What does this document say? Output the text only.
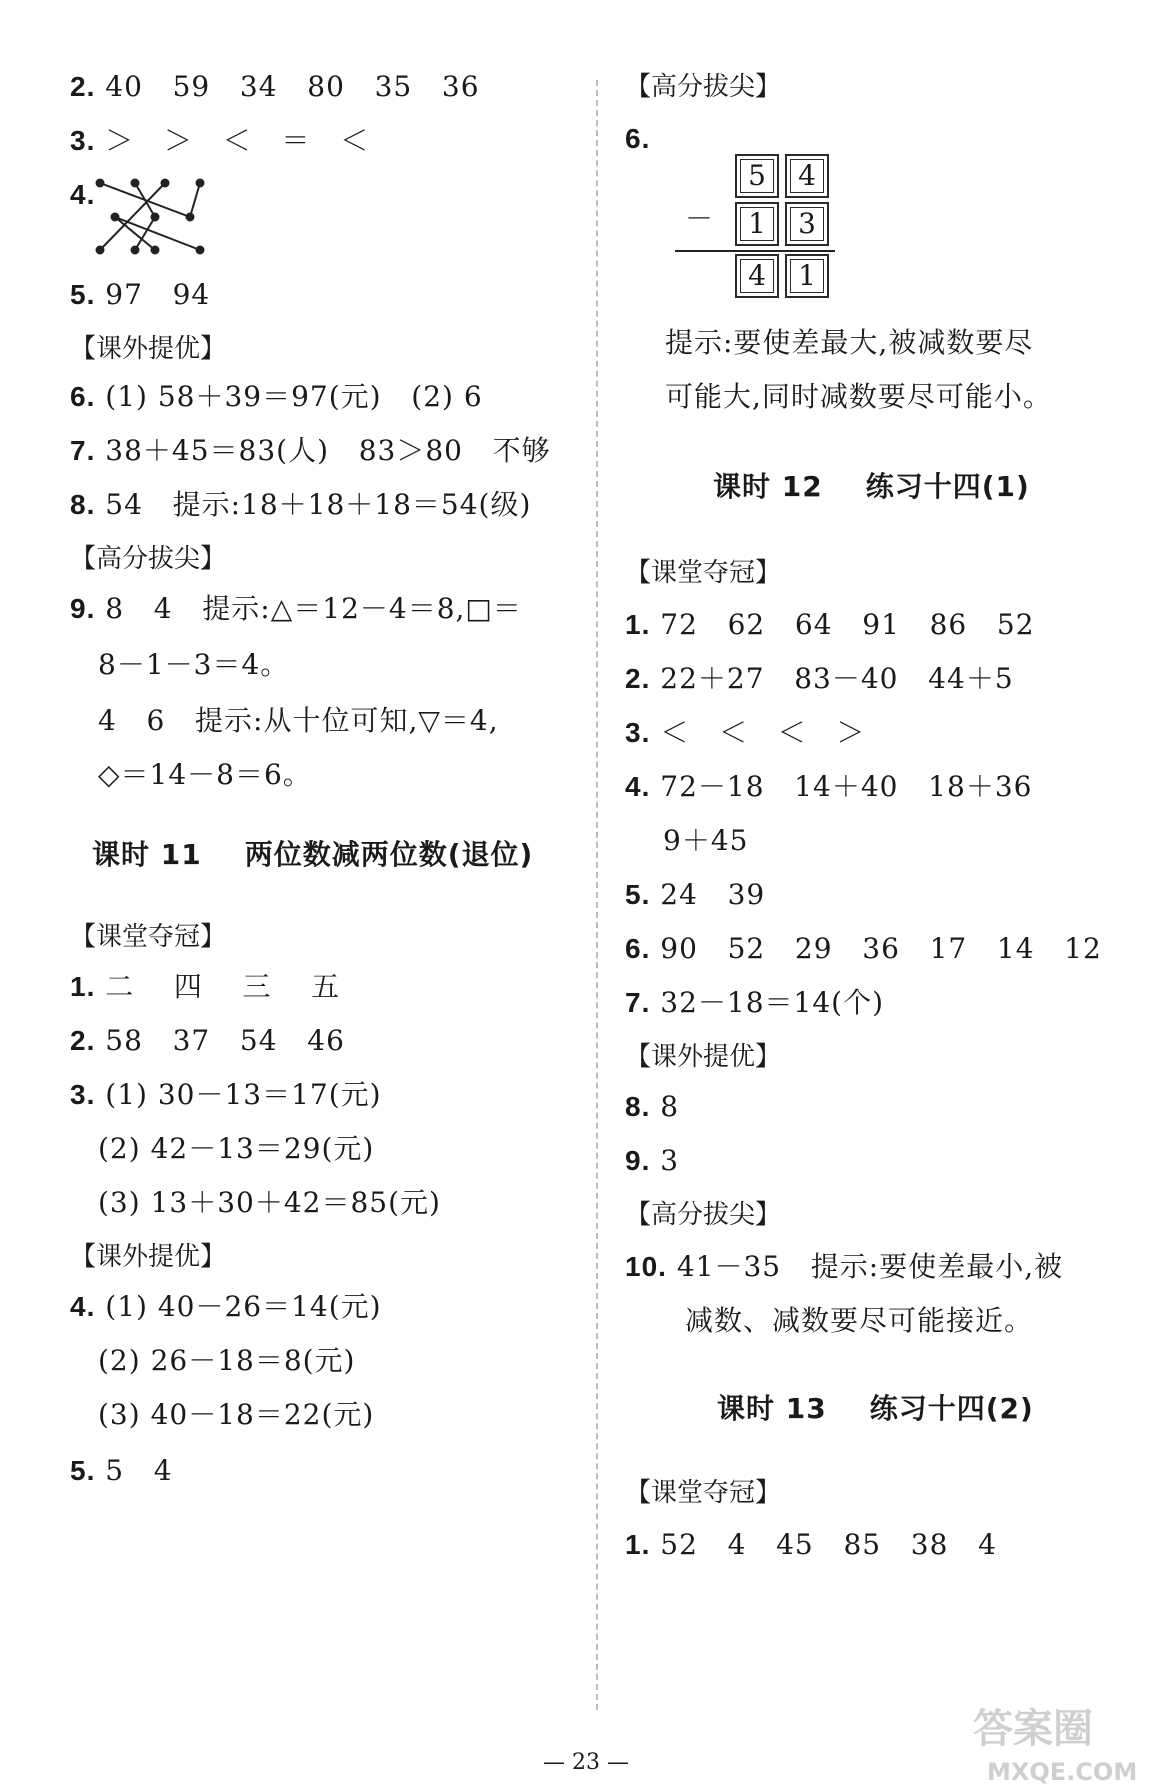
2. 40   59   34   80   35   36
3. ＞   ＞   ＜   ＝   ＜
4.
5. 97   94
【课外提优】
6. (1) 58＋39＝97(元)   (2) 6
7. 38＋45＝83(人)   83＞80   不够
8. 54   提示:18＋18＋18＝54(级)
【高分拔尖】
9. 8   4   提示:△＝12－4＝8,□＝
8－1－3＝4。
4   6   提示:从十位可知,▽＝4,
◇＝14－8＝6。
课时 11    两位数减两位数(退位)
【课堂夺冠】
1. 二    四    三    五
2. 58   37   54   46
3. (1) 30－13＝17(元)
(2) 42－13＝29(元)
(3) 13＋30＋42＝85(元)
【课外提优】
4. (1) 40－26＝14(元)
(2) 26－18＝8(元)
(3) 40－18＝22(元)
5. 5   4
【高分拔尖】
6.
5	4
－	1	3
4	1
提示:要使差最大,被减数要尽
可能大,同时减数要尽可能小。
课时 12    练习十四(1)
【课堂夺冠】
1. 72   62   64   91   86   52
2. 22＋27   83－40   44＋5
3. ＜   ＜   ＜   ＞
4. 72－18   14＋40   18＋36
9＋45
5. 24   39
6. 90   52   29   36   17   14   12
7. 32－18＝14(个)
【课外提优】
8. 8
9. 3
【高分拔尖】
10. 41－35   提示:要使差最小,被
减数、减数要尽可能接近。
课时 13    练习十四(2)
【课堂夺冠】
1. 52   4   45   85   38   4
— 23 —
答案圈
MXQE.COM
